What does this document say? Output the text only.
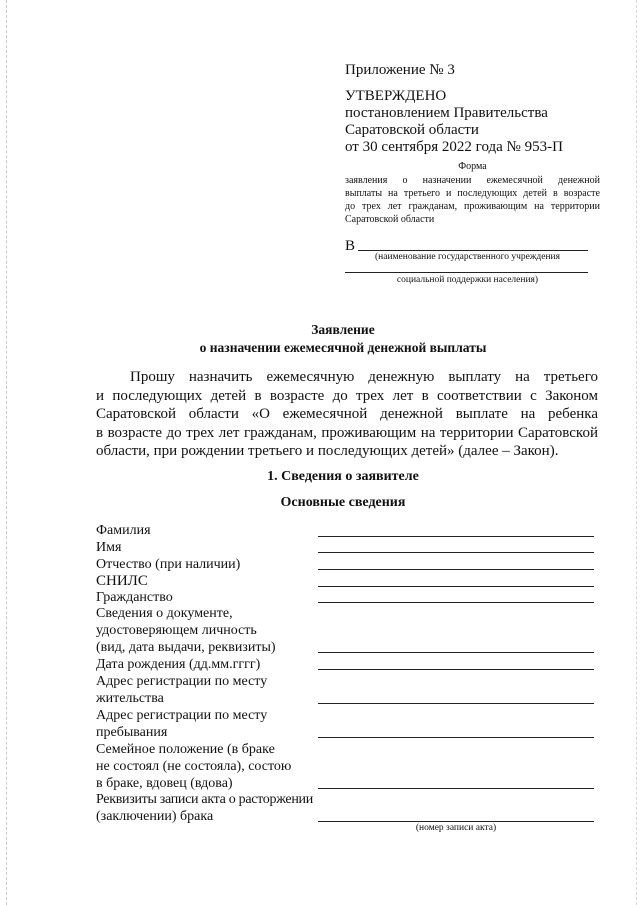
Приложение № 3
УТВЕРЖДЕНО
постановлением Правительства
Саратовской области
от 30 сентября 2022 года № 953-П
Форма
заявления о назначении ежемесячной денежной
выплаты на третьего и последующих детей в возрасте
до трех лет гражданам, проживающим на территории
Саратовской области
В
(наименование государственного учреждения
социальной поддержки населения)
Заявление
о назначении ежемесячной денежной выплаты
Прошу назначить ежемесячную денежную выплату на третьего
и последующих детей в возрасте до трех лет в соответствии с Законом
Саратовской области «О ежемесячной денежной выплате на ребенка
в возрасте до трех лет гражданам, проживающим на территории Саратовской
области, при рождении третьего и последующих детей» (далее – Закон).
1. Сведения о заявителе
Основные сведения
Фамилия
Имя
Отчество (при наличии)
СНИЛС
Гражданство
Сведения о документе,
удостоверяющем личность
(вид, дата выдачи, реквизиты)
Дата рождения (дд.мм.гггг)
Адрес регистрации по месту
жительства
Адрес регистрации по месту
пребывания
Семейное положение (в браке
не состоял (не состояла), состою
в браке, вдовец (вдова)
Реквизиты записи акта о расторжении
(заключении) брака
(номер записи акта)
